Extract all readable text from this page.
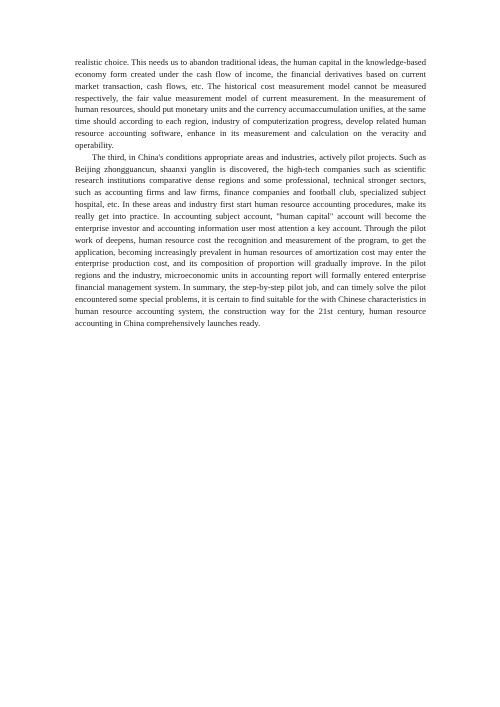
realistic choice. This needs us to abandon traditional ideas, the human capital in the knowledge-based economy form created under the cash flow of income, the financial derivatives based on current market transaction, cash flows, etc. The historical cost measurement model cannot be measured respectively, the fair value measurement model of current measurement. In the measurement of human resources, should put monetary units and the currency accumaccumulation unifies, at the same time should according to each region, industry of computerization progress, develop related human resource accounting software, enhance in its measurement and calculation on the veracity and operability.

The third, in China's conditions appropriate areas and industries, actively pilot projects. Such as Beijing zhongguancun, shaanxi yanglin is discovered, the high-tech companies such as scientific research institutions comparative dense regions and some professional, technical stronger sectors, such as accounting firms and law firms, finance companies and football club, specialized subject hospital, etc. In these areas and industry first start human resource accounting procedures, make its really get into practice. In accounting subject account, "human capital" account will become the enterprise investor and accounting information user most attention a key account. Through the pilot work of deepens, human resource cost the recognition and measurement of the program, to get the application, becoming increasingly prevalent in human resources of amortization cost may enter the enterprise production cost, and its composition of proportion will gradually improve. In the pilot regions and the industry, microeconomic units in accounting report will formally entered enterprise financial management system. In summary, the step-by-step pilot job, and can timely solve the pilot encountered some special problems, it is certain to find suitable for the with Chinese characteristics in human resource accounting system, the construction way for the 21st century, human resource accounting in China comprehensively launches ready.
